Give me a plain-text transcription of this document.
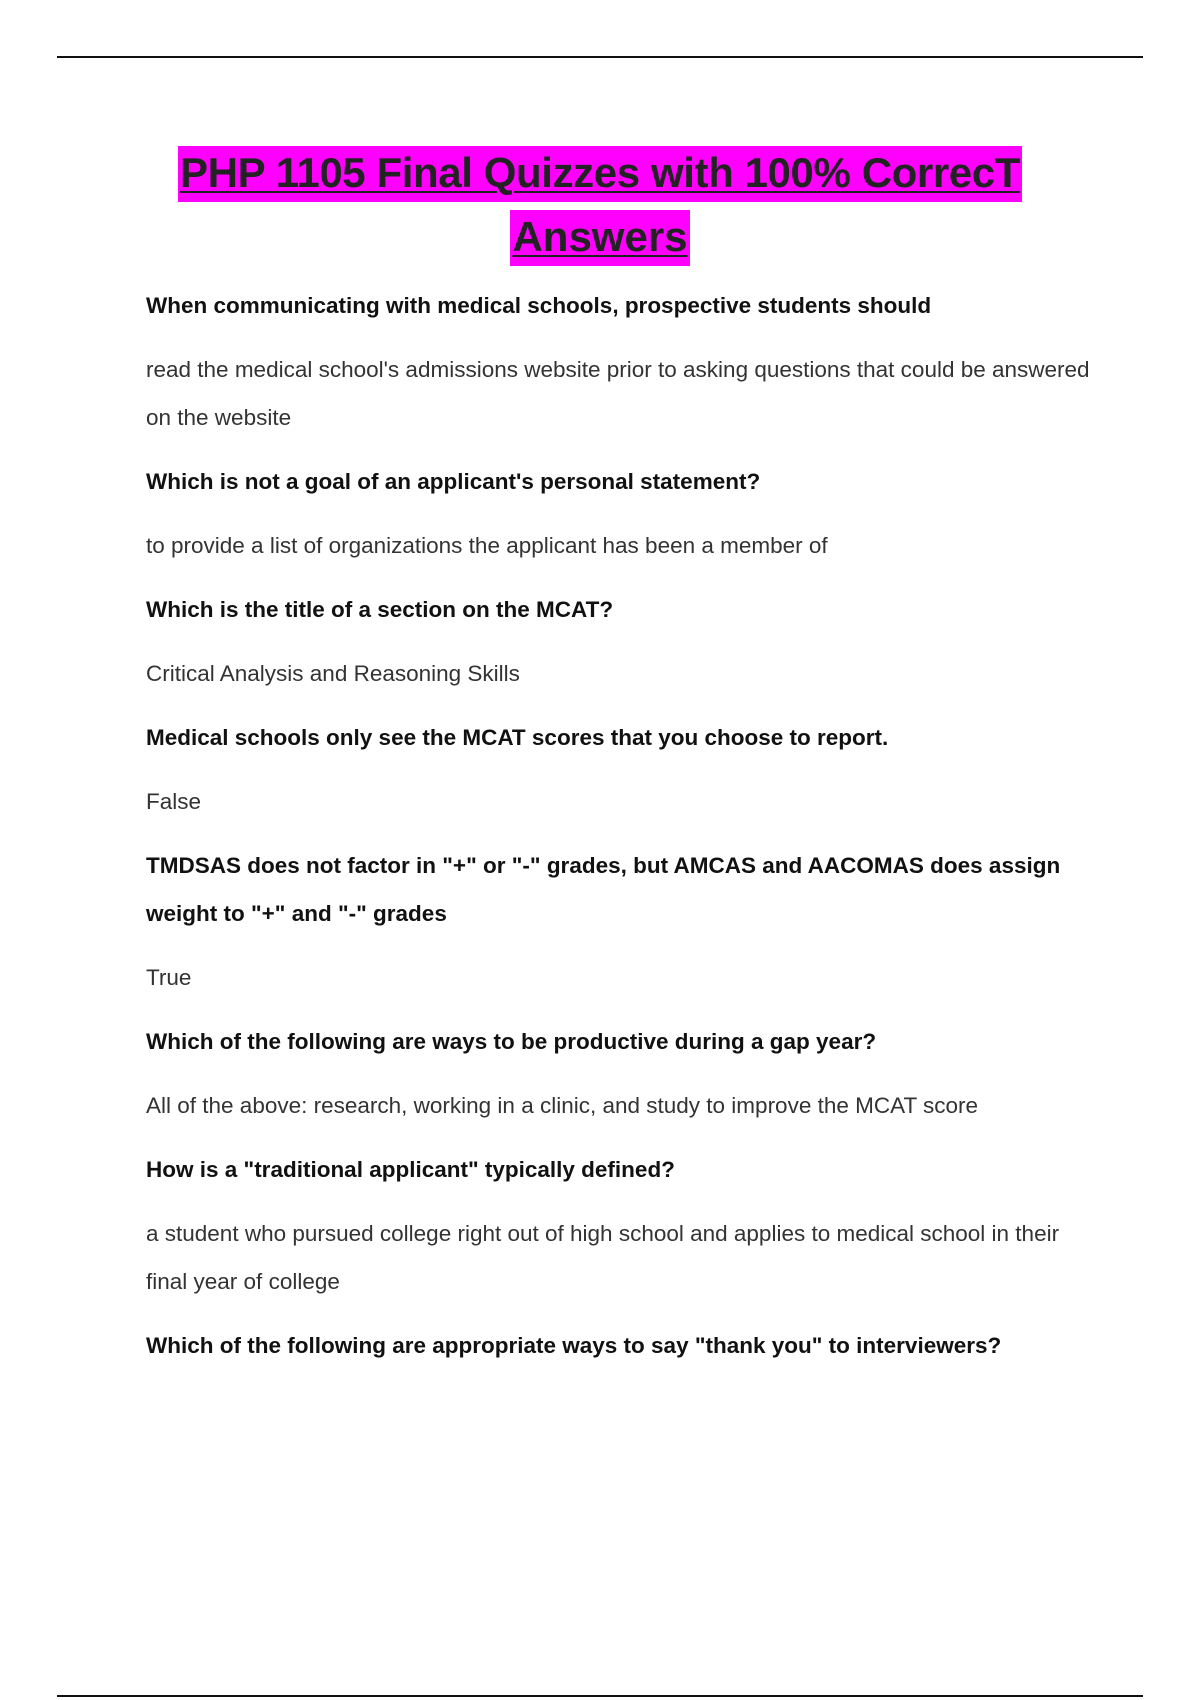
PHP 1105 Final Quizzes with 100% CorrecT
Answers

When communicating with medical schools, prospective students should

read the medical school's admissions website prior to asking questions that could be answered on the website

Which is not a goal of an applicant's personal statement?

to provide a list of organizations the applicant has been a member of

Which is the title of a section on the MCAT?

Critical Analysis and Reasoning Skills

Medical schools only see the MCAT scores that you choose to report.

False

TMDSAS does not factor in "+" or "-" grades, but AMCAS and AACOMAS does assign weight to "+" and "-" grades

True

Which of the following are ways to be productive during a gap year?

All of the above: research, working in a clinic, and study to improve the MCAT score

How is a "traditional applicant" typically defined?

a student who pursued college right out of high school and applies to medical school in their final year of college

Which of the following are appropriate ways to say "thank you" to interviewers?
